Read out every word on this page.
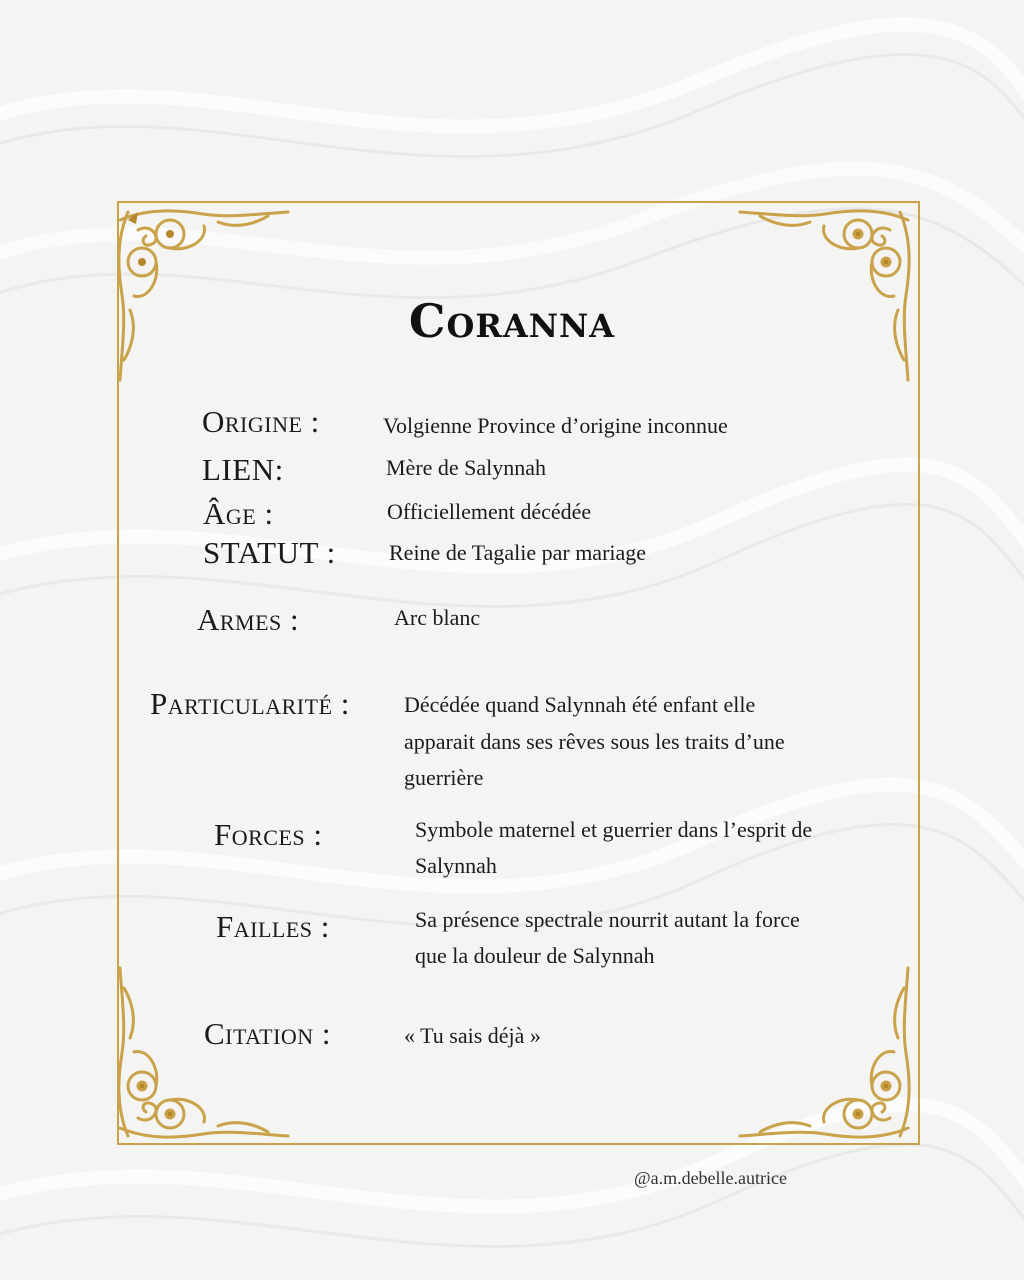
Coranna
Origine :	Volgienne Province d’origine inconnue
LIEN:	Mère de Salynnah
Âge :	Officiellement décédée
STATUT : Reine de Tagalie par mariage
Armes :	Arc blanc
Particularité : Décédée quand Salynnah été enfant elle
apparait dans ses rêves sous les traits d’une
guerrière
Forces :	Symbole maternel et guerrier dans l’esprit de
Salynnah
Failles :	Sa présence spectrale nourrit autant la force
que la douleur de Salynnah
Citation :	« Tu sais déjà »
@a.m.debelle.autrice
